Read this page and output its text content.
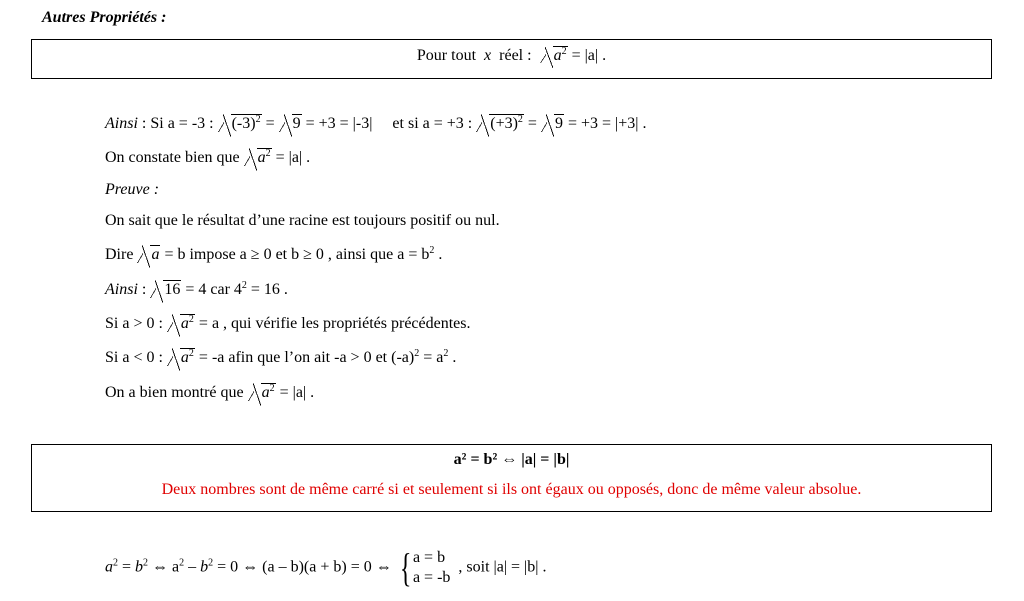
Autres Propriétés :
Pour tout x réel : $a^2 = |a|$ .
Ainsi : Si a = -3 : $(-3)^2 = 9 = +3 = |-3|$ et si a = +3 : $(+3)^2 = 9 = +3 = |+3|$ .
On constate bien que $a^2 = |a|$ .
Preuve :
On sait que le résultat d’une racine est toujours positif ou nul.
Dire a = b impose a ≥ 0 et b ≥ 0 , ainsi que $a = b^2$ .
Ainsi : 16 = 4 car $4^2 = 16$ .
Si a > 0 : $a^2 = a$ , qui vérifie les propriétés précédentes.
Si a < 0 : $a^2 = -a$ afin que l’on ait -a > 0 et $(-a)^2 = a^2$ .
On a bien montré que $a^2 = |a|$ .
a² = b² ⇔ |a| = |b|
Deux nombres sont de même carré si et seulement si ils ont égaux ou opposés, donc de même valeur absolue.
$a^2 = b^2$ ⇔ $a^2 - b^2 = 0$ ⇔ (a – b)(a + b) = 0 ⇔ { a = b
a = -b  , soit |a| = |b| .
